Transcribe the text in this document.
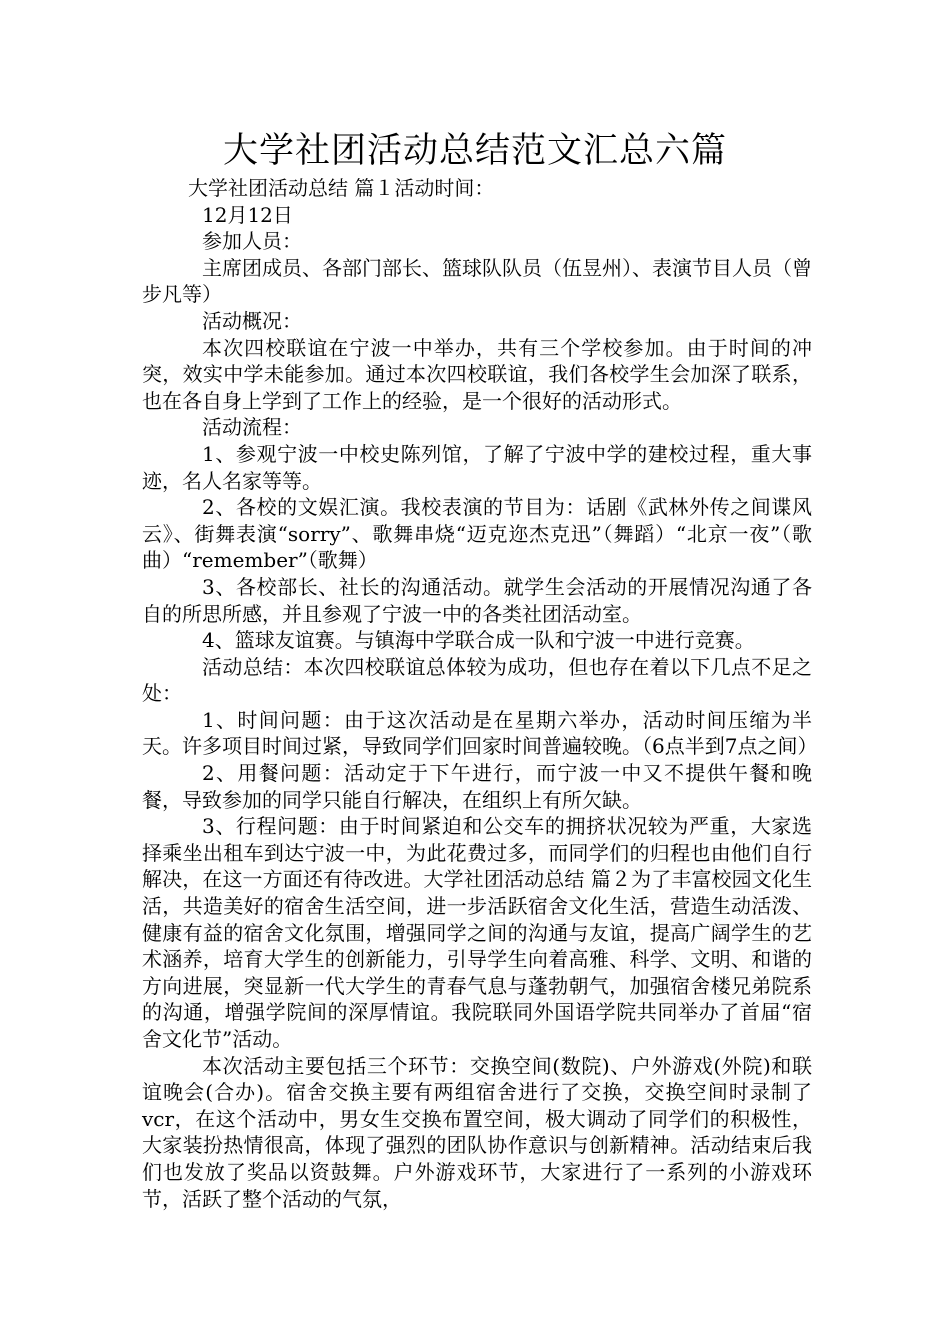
大学社团活动总结范文汇总六篇

大学社团活动总结 篇１活动时间：

12月12日

参加人员：

主席团成员、各部门部长、篮球队队员（伍昱州）、表演节目人员（曾步凡等）

活动概况：

本次四校联谊在宁波一中举办，共有三个学校参加。由于时间的冲突，效实中学未能参加。通过本次四校联谊，我们各校学生会加深了联系，也在各自身上学到了工作上的经验，是一个很好的活动形式。

活动流程：

1、参观宁波一中校史陈列馆，了解了宁波中学的建校过程，重大事迹，名人名家等等。

2、各校的文娱汇演。我校表演的节目为：话剧《武林外传之间谍风云》、街舞表演“sorry”、歌舞串烧“迈克迩杰克迅”（舞蹈）“北京一夜”（歌曲）“remember”（歌舞）

3、各校部长、社长的沟通活动。就学生会活动的开展情况沟通了各自的所思所感，并且参观了宁波一中的各类社团活动室。

4、篮球友谊赛。与镇海中学联合成一队和宁波一中进行竞赛。

活动总结：本次四校联谊总体较为成功，但也存在着以下几点不足之处：

1、时间问题：由于这次活动是在星期六举办，活动时间压缩为半天。许多项目时间过紧，导致同学们回家时间普遍较晚。（6点半到7点之间）

2、用餐问题：活动定于下午进行，而宁波一中又不提供午餐和晚餐，导致参加的同学只能自行解决，在组织上有所欠缺。

3、行程问题：由于时间紧迫和公交车的拥挤状况较为严重，大家选择乘坐出租车到达宁波一中，为此花费过多，而同学们的归程也由他们自行解决，在这一方面还有待改进。大学社团活动总结 篇２为了丰富校园文化生活，共造美好的宿舍生活空间，进一步活跃宿舍文化生活，营造生动活泼、健康有益的宿舍文化氛围，增强同学之间的沟通与友谊，提高广阔学生的艺术涵养，培育大学生的创新能力，引导学生向着高雅、科学、文明、和谐的方向进展，突显新一代大学生的青春气息与蓬勃朝气，加强宿舍楼兄弟院系的沟通，增强学院间的深厚情谊。我院联同外国语学院共同举办了首届“宿舍文化节”活动。

本次活动主要包括三个环节：交换空间(数院)、户外游戏(外院)和联谊晚会(合办)。宿舍交换主要有两组宿舍进行了交换，交换空间时录制了vcr，在这个活动中，男女生交换布置空间，极大调动了同学们的积极性，大家装扮热情很高，体现了强烈的团队协作意识与创新精神。活动结束后我们也发放了奖品以资鼓舞。户外游戏环节，大家进行了一系列的小游戏环节，活跃了整个活动的气氛，
